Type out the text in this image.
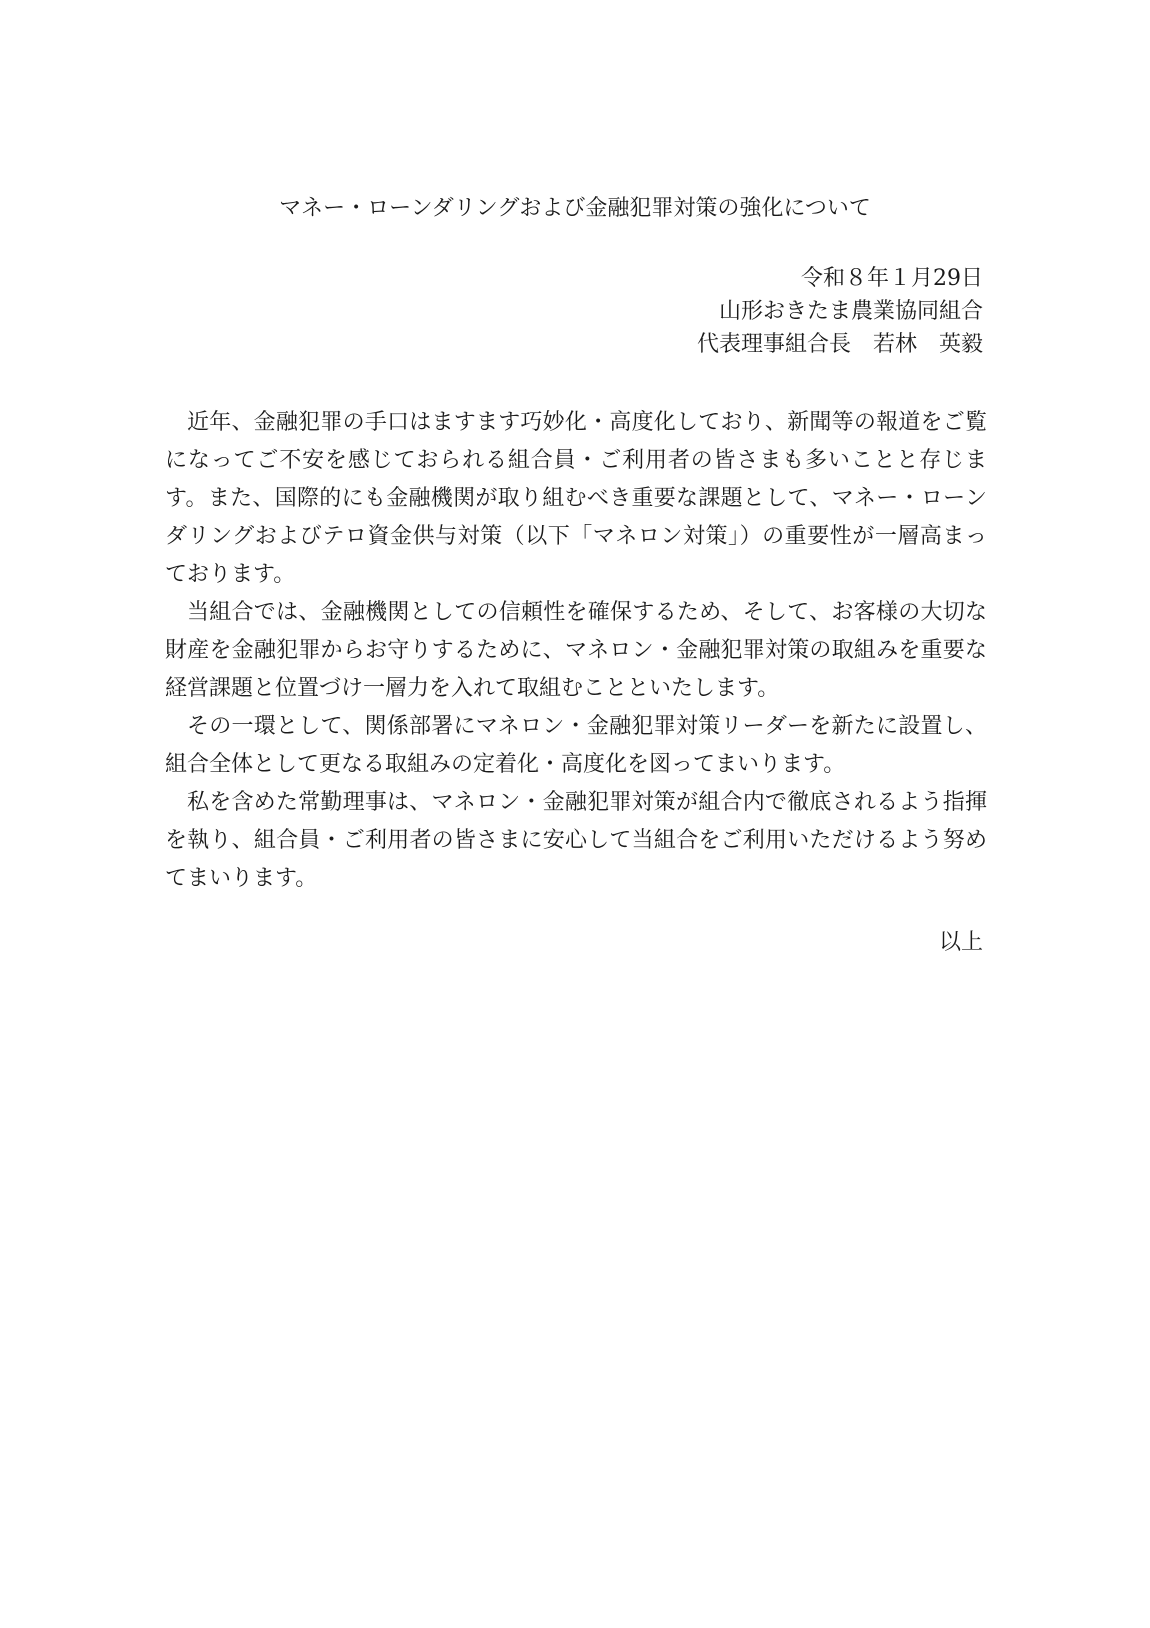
マネー・ローンダリングおよび金融犯罪対策の強化について
令和８年１月29日
山形おきたま農業協同組合
代表理事組合長　若林　英毅

近年、金融犯罪の手口はますます巧妙化・高度化しており、新聞等の報道をご覧になってご不安を感じておられる組合員・ご利用者の皆さまも多いことと存じます。また、国際的にも金融機関が取り組むべき重要な課題として、マネー・ローンダリングおよびテロ資金供与対策（以下「マネロン対策」）の重要性が一層高まっております。

当組合では、金融機関としての信頼性を確保するため、そして、お客様の大切な財産を金融犯罪からお守りするために、マネロン・金融犯罪対策の取組みを重要な経営課題と位置づけ一層力を入れて取組むことといたします。

その一環として、関係部署にマネロン・金融犯罪対策リーダーを新たに設置し、組合全体として更なる取組みの定着化・高度化を図ってまいります。

私を含めた常勤理事は、マネロン・金融犯罪対策が組合内で徹底されるよう指揮を執り、組合員・ご利用者の皆さまに安心して当組合をご利用いただけるよう努めてまいります。

以上
